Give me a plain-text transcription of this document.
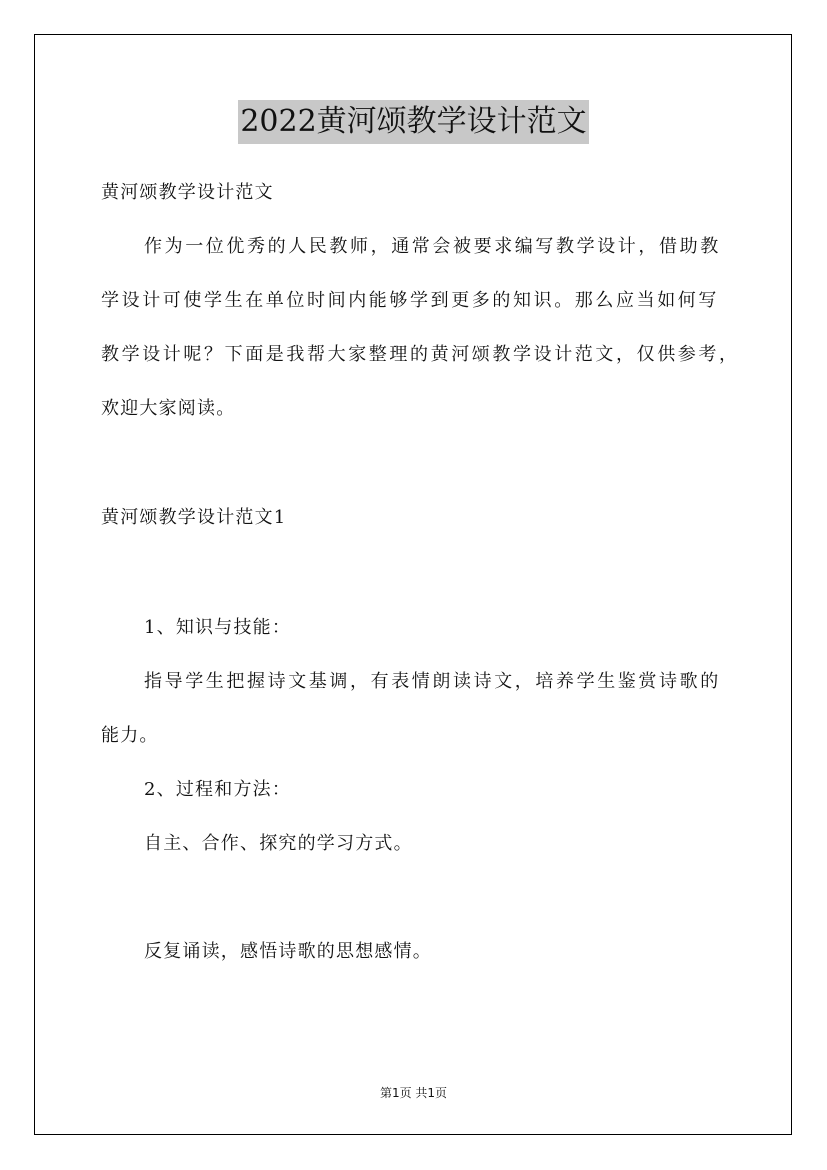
2022黄河颂教学设计范文
黄河颂教学设计范文
作为一位优秀的人民教师，通常会被要求编写教学设计，借助教
学设计可使学生在单位时间内能够学到更多的知识。那么应当如何写
教学设计呢？下面是我帮大家整理的黄河颂教学设计范文，仅供参考，
欢迎大家阅读。
黄河颂教学设计范文1
1、知识与技能：
指导学生把握诗文基调，有表情朗读诗文，培养学生鉴赏诗歌的
能力。
2、过程和方法：
自主、合作、探究的学习方式。
反复诵读，感悟诗歌的思想感情。
第1页 共1页
